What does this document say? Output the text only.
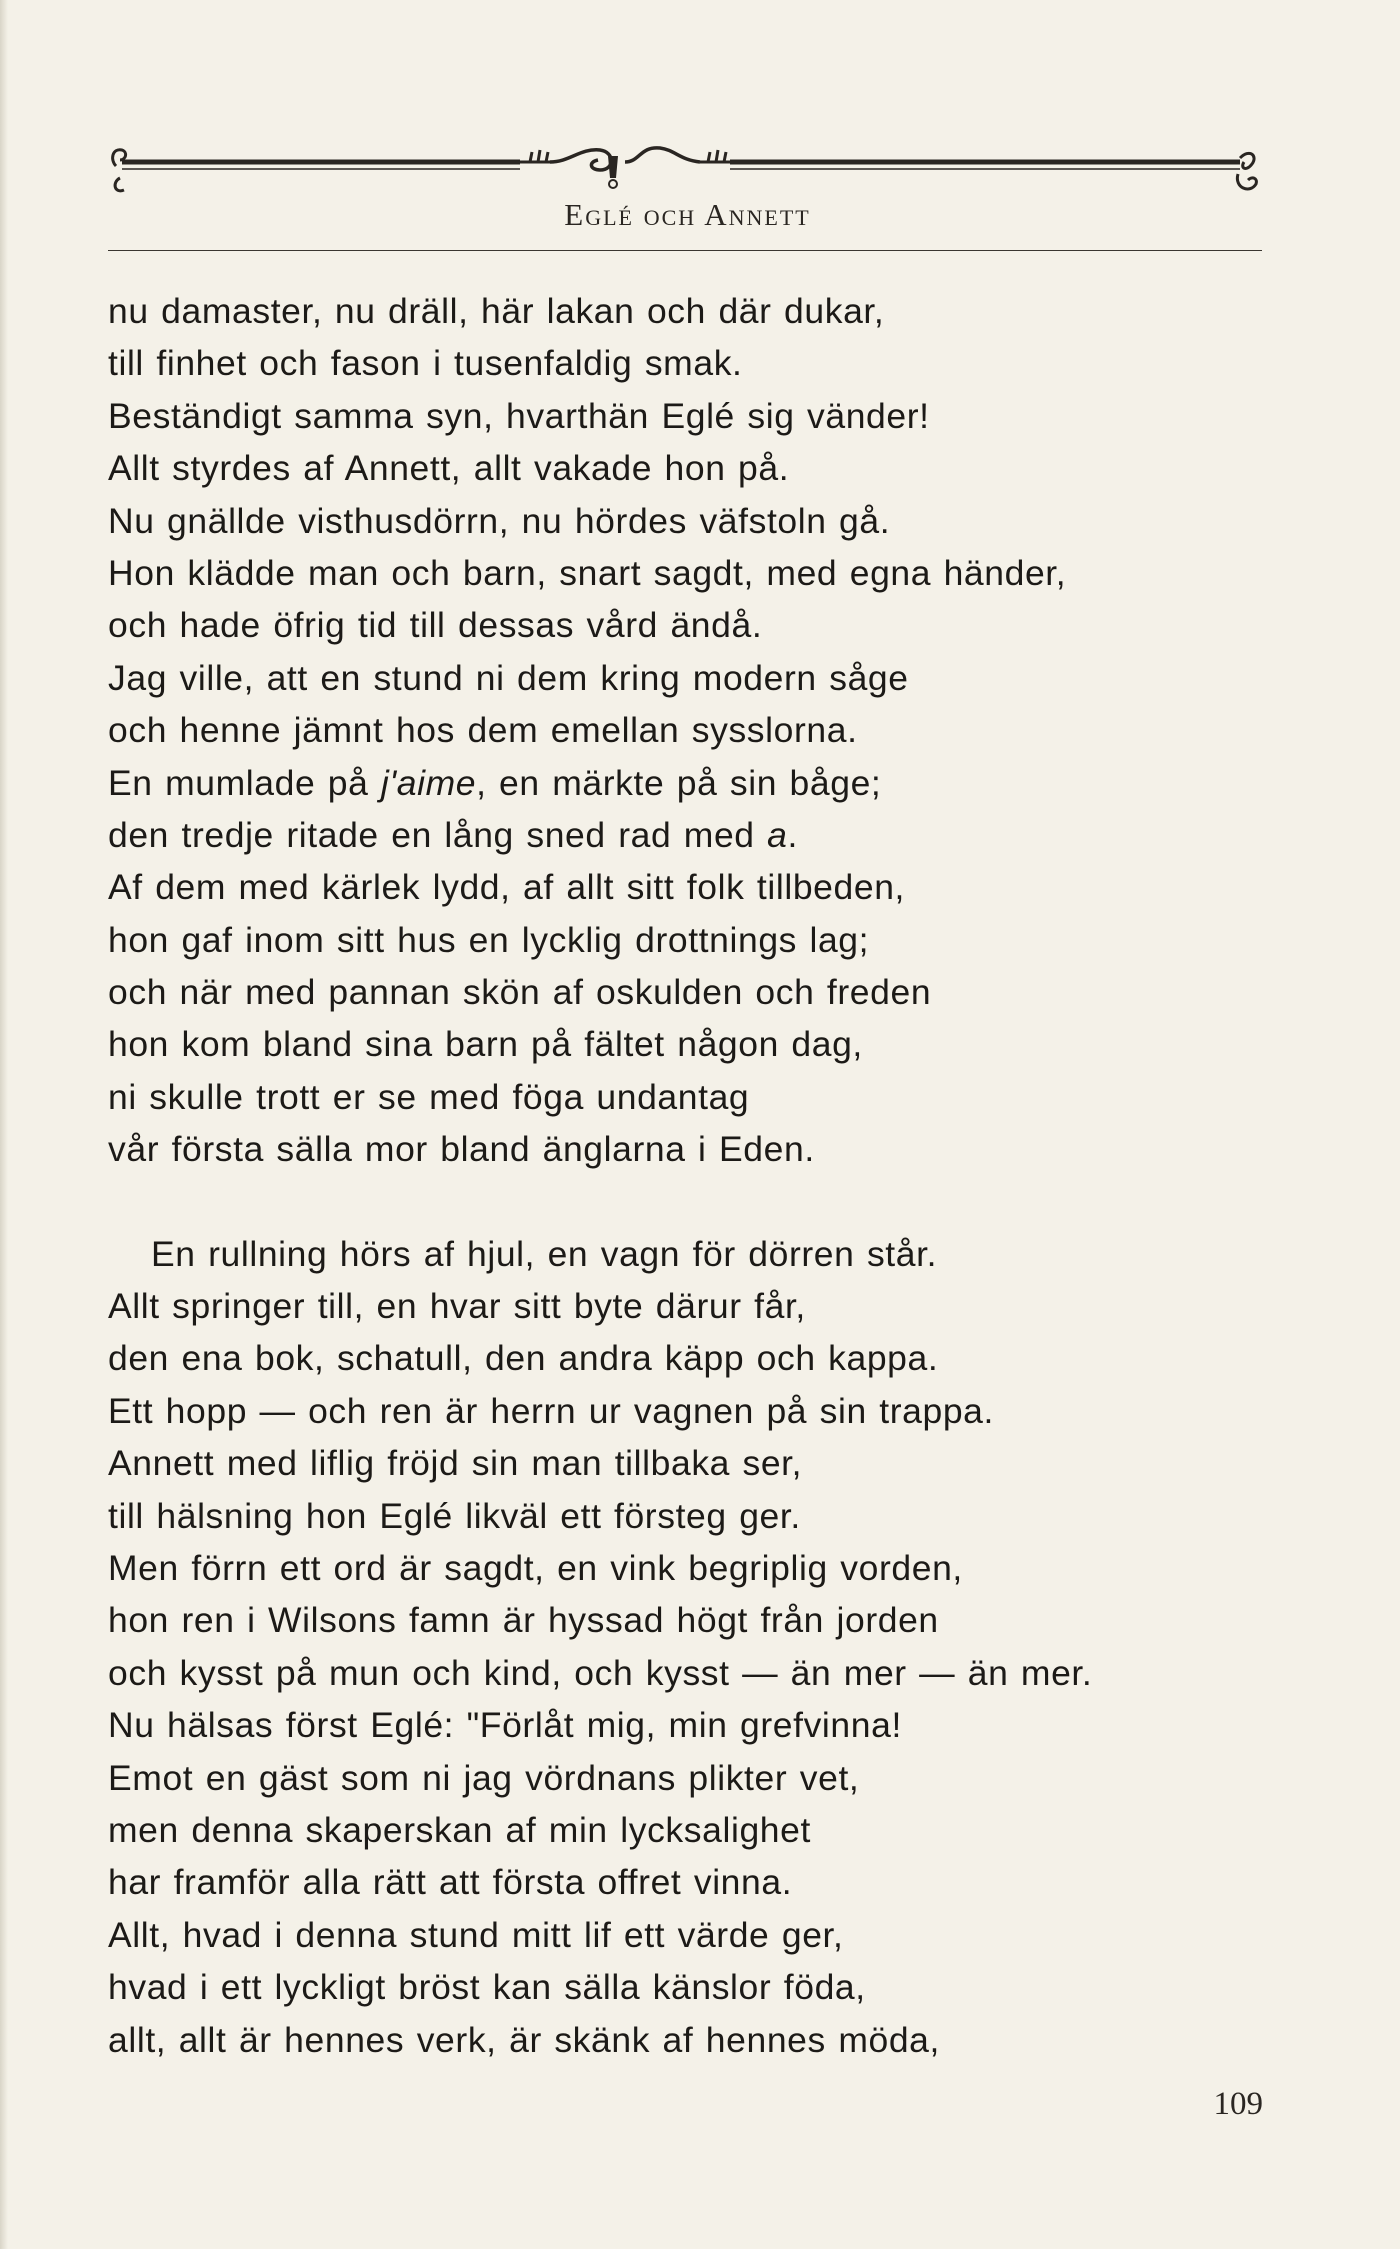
Eglé och Annett
nu damaster, nu dräll, här lakan och där dukar,
till finhet och fason i tusenfaldig smak.
Beständigt samma syn, hvarthän Eglé sig vänder!
Allt styrdes af Annett, allt vakade hon på.
Nu gnällde visthusdörrn, nu hördes väfstoln gå.
Hon klädde man och barn, snart sagdt, med egna händer,
och hade öfrig tid till dessas vård ändå.
Jag ville, att en stund ni dem kring modern såge
och henne jämnt hos dem emellan sysslorna.
En mumlade på j'aime, en märkte på sin båge;
den tredje ritade en lång sned rad med a.
Af dem med kärlek lydd, af allt sitt folk tillbeden,
hon gaf inom sitt hus en lycklig drottnings lag;
och när med pannan skön af oskulden och freden
hon kom bland sina barn på fältet någon dag,
ni skulle trott er se med föga undantag
vår första sälla mor bland änglarna i Eden.
En rullning hörs af hjul, en vagn för dörren står.
Allt springer till, en hvar sitt byte därur får,
den ena bok, schatull, den andra käpp och kappa.
Ett hopp — och ren är herrn ur vagnen på sin trappa.
Annett med liflig fröjd sin man tillbaka ser,
till hälsning hon Eglé likväl ett försteg ger.
Men förrn ett ord är sagdt, en vink begriplig vorden,
hon ren i Wilsons famn är hyssad högt från jorden
och kysst på mun och kind, och kysst — än mer — än mer.
Nu hälsas först Eglé: "Förlåt mig, min grefvinna!
Emot en gäst som ni jag vördnans plikter vet,
men denna skaperskan af min lycksalighet
har framför alla rätt att första offret vinna.
Allt, hvad i denna stund mitt lif ett värde ger,
hvad i ett lyckligt bröst kan sälla känslor föda,
allt, allt är hennes verk, är skänk af hennes möda,
109
